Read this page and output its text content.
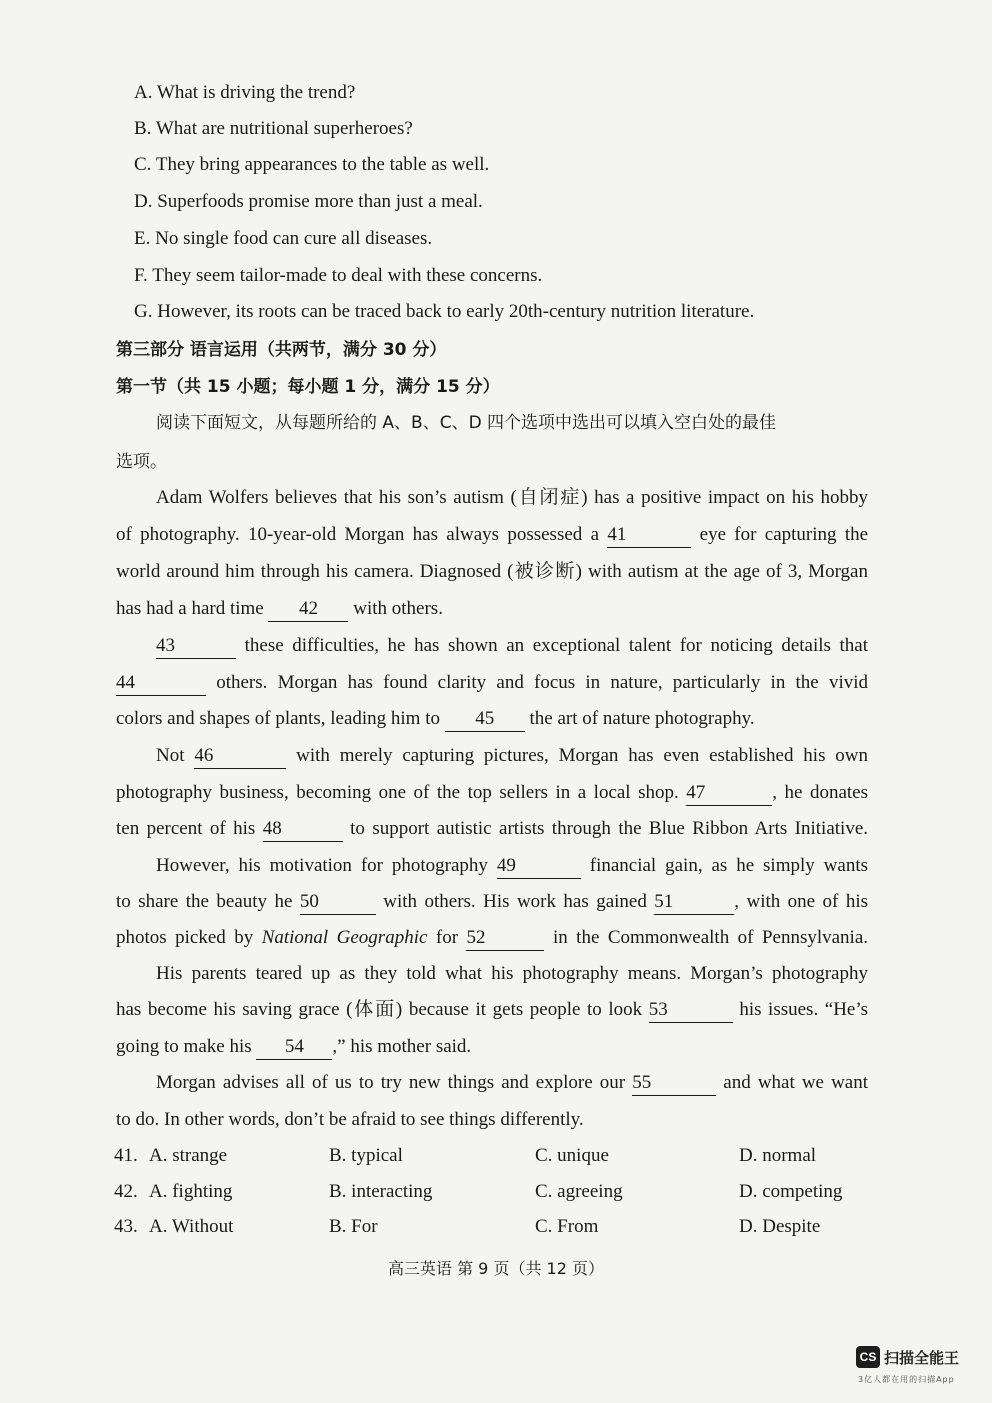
A. What is driving the trend?
B. What are nutritional superheroes?
C. They bring appearances to the table as well.
D. Superfoods promise more than just a meal.
E. No single food can cure all diseases.
F. They seem tailor-made to deal with these concerns.
G. However, its roots can be traced back to early 20th-century nutrition literature.
第三部分 语言运用（共两节，满分 30 分）
第一节（共 15 小题；每小题 1 分，满分 15 分）
阅读下面短文，从每题所给的 A、B、C、D 四个选项中选出可以填入空白处的最佳
选项。
Adam Wolfers believes that his son’s autism (自闭症) has a positive impact on his hobby
of photography. 10-year-old Morgan has always possessed a 41	eye for capturing the
world around him through his camera. Diagnosed (被诊断) with autism at the age of 3, Morgan
has had a hard time 42 with others.
43	these difficulties, he has shown an exceptional talent for noticing details that
44	others. Morgan has found clarity and focus in nature, particularly in the vivid
colors and shapes of plants, leading him to 45 the art of nature photography.
Not 46	with merely capturing pictures, Morgan has even established his own
photography business, becoming one of the top sellers in a local shop. 47	, he donates
ten percent of his 48	to support autistic artists through the Blue Ribbon Arts Initiative.
However, his motivation for photography 49	financial gain, as he simply wants
to share the beauty he 50	with others. His work has gained 51	, with one of his
photos picked by National Geographic for 52	in the Commonwealth of Pennsylvania.
His parents teared up as they told what his photography means. Morgan’s photography
has become his saving grace (体面) because it gets people to look 53	his issues. “He’s
going to make his 54 ,” his mother said.
Morgan advises all of us to try new things and explore our 55	and what we want
to do. In other words, don’t be afraid to see things differently.
41. A. strange	B. typical	C. unique	D. normal
42. A. fighting	B. interacting	C. agreeing	D. competing
43. A. Without	B. For	C. From	D. Despite
高三英语 第 9 页（共 12 页）
CS 扫描全能王
3亿人都在用的扫描App
